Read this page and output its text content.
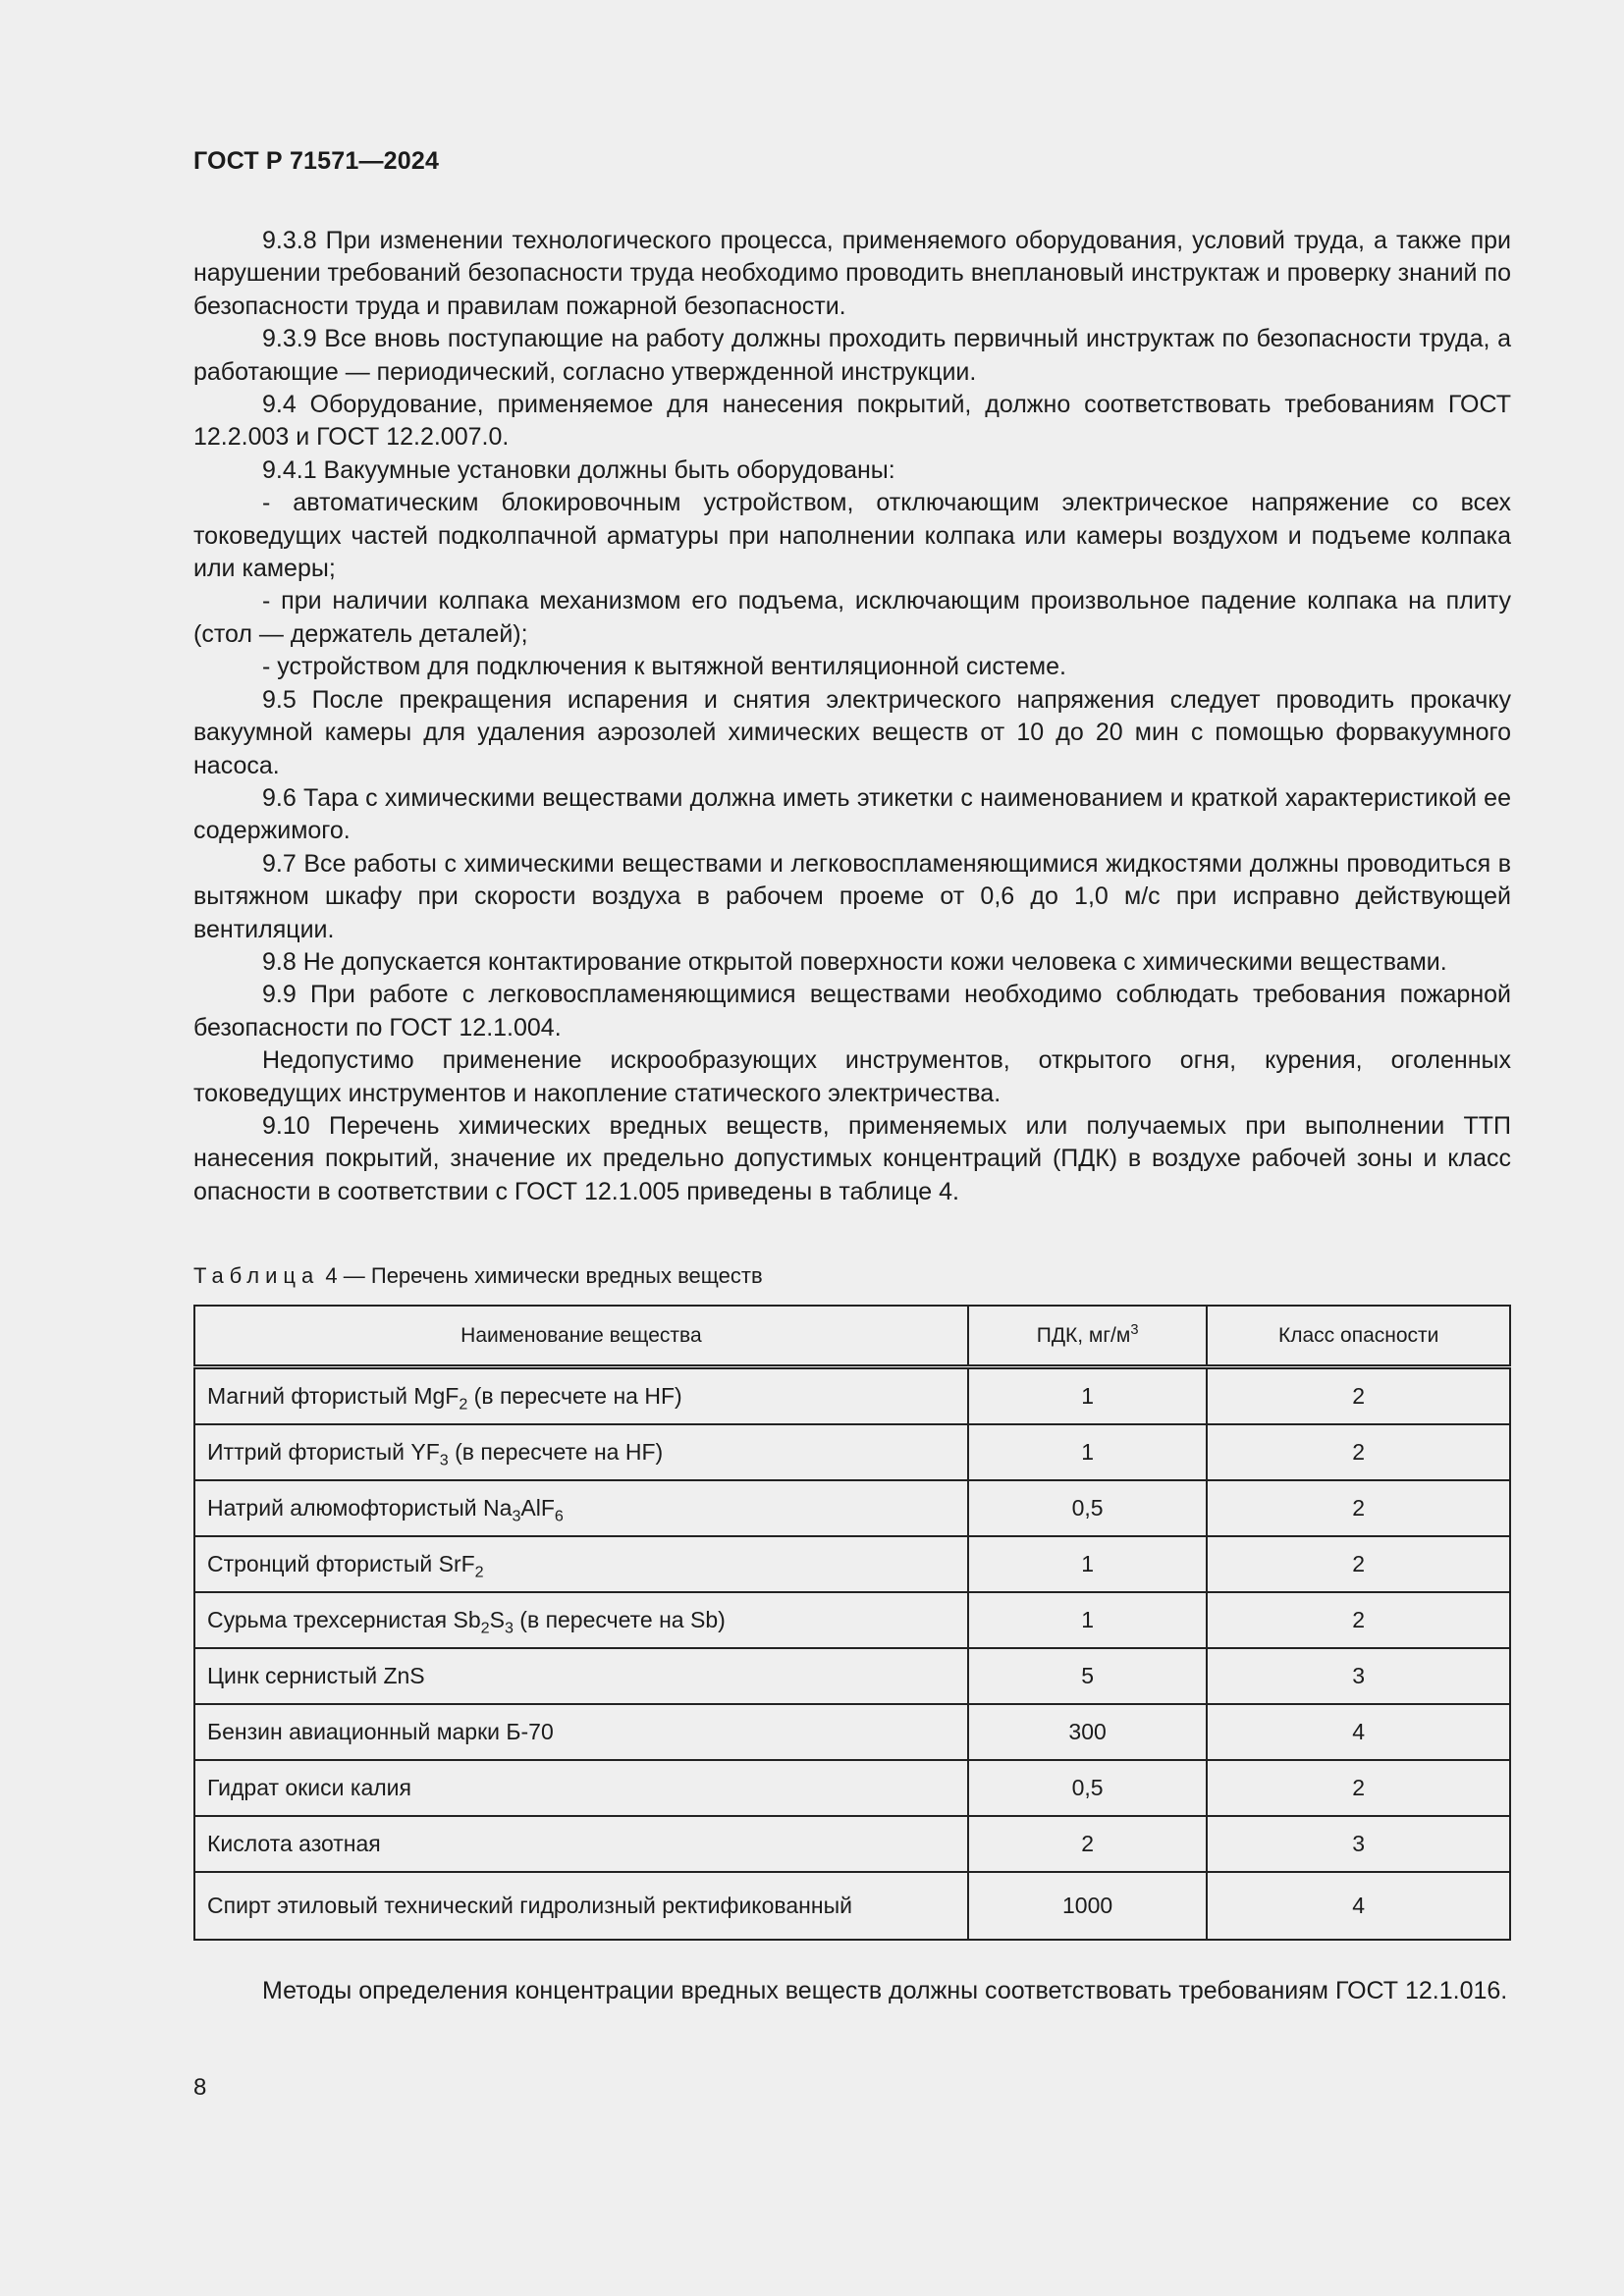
ГОСТ Р 71571—2024

9.3.8 При изменении технологического процесса, применяемого оборудования, условий труда, а также при нарушении требований безопасности труда необходимо проводить внеплановый инструктаж и проверку знаний по безопасности труда и правилам пожарной безопасности.

9.3.9 Все вновь поступающие на работу должны проходить первичный инструктаж по безопасности труда, а работающие — периодический, согласно утвержденной инструкции.

9.4 Оборудование, применяемое для нанесения покрытий, должно соответствовать требованиям ГОСТ 12.2.003 и ГОСТ 12.2.007.0.

9.4.1 Вакуумные установки должны быть оборудованы:

- автоматическим блокировочным устройством, отключающим электрическое напряжение со всех токоведущих частей подколпачной арматуры при наполнении колпака или камеры воздухом и подъеме колпака или камеры;

- при наличии колпака механизмом его подъема, исключающим произвольное падение колпака на плиту (стол — держатель деталей);

- устройством для подключения к вытяжной вентиляционной системе.

9.5 После прекращения испарения и снятия электрического напряжения следует проводить прокачку вакуумной камеры для удаления аэрозолей химических веществ от 10 до 20 мин с помощью форвакуумного насоса.

9.6 Тара с химическими веществами должна иметь этикетки с наименованием и краткой характеристикой ее содержимого.

9.7 Все работы с химическими веществами и легковоспламеняющимися жидкостями должны проводиться в вытяжном шкафу при скорости воздуха в рабочем проеме от 0,6 до 1,0 м/с при исправно действующей вентиляции.

9.8 Не допускается контактирование открытой поверхности кожи человека с химическими веществами.

9.9 При работе с легковоспламеняющимися веществами необходимо соблюдать требования пожарной безопасности по ГОСТ 12.1.004.

Недопустимо применение искрообразующих инструментов, открытого огня, курения, оголенных токоведущих инструментов и накопление статического электричества.

9.10 Перечень химических вредных веществ, применяемых или получаемых при выполнении ТТП нанесения покрытий, значение их предельно допустимых концентраций (ПДК) в воздухе рабочей зоны и класс опасности в соответствии с ГОСТ 12.1.005 приведены в таблице 4.

Таблица 4 — Перечень химически вредных веществ
Наименование вещества	ПДК, $мг/м^3$	Класс опасности
Магний фтористый MgF$_2$ (в пересчете на HF)	1	2
Иттрий фтористый $YF_3$ (в пересчете на HF)	1	2
Натрий алюмофтористый $Na_3AlF_6$	0,5	2
Стронций фтористый SrF$_2$	1	2
Сурьма трехсернистая $Sb_2S_3$ (в пересчете на Sb)	1	2
Цинк сернистый ZnS	5	3
Бензин авиационный марки Б-70	300	4
Гидрат окиси калия	0,5	2
Кислота азотная	2	3
Спирт этиловый технический гидролизный ректификованный	1000	4

Методы определения концентрации вредных веществ должны соответствовать требованиям ГОСТ 12.1.016.

8
